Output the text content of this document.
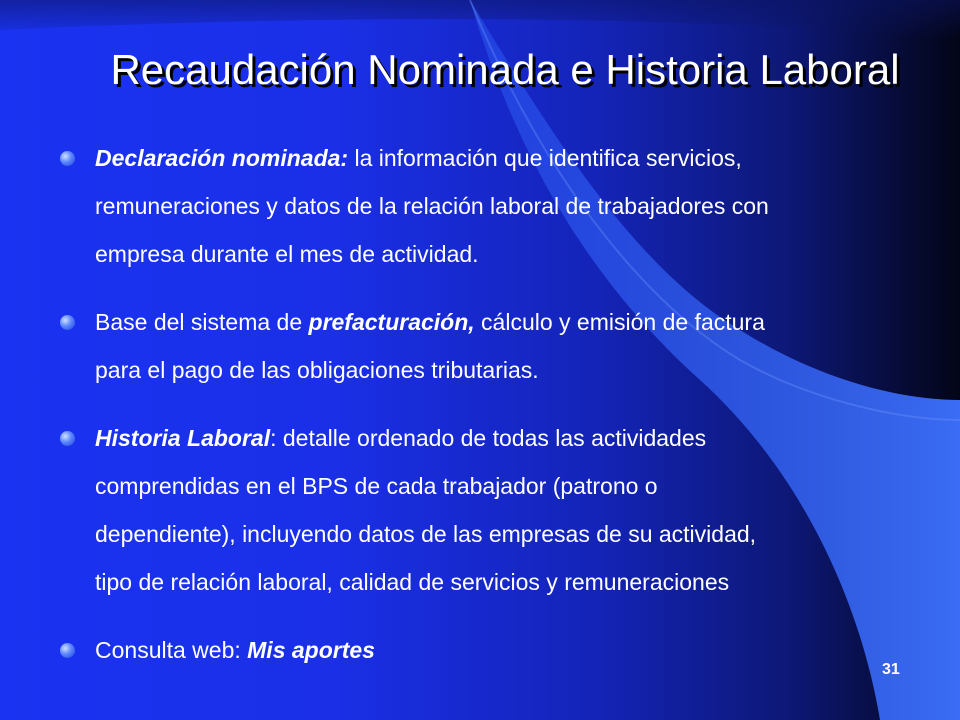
Recaudación Nominada e Historia Laboral

Declaración nominada: la información que identifica servicios,
remuneraciones y datos de la relación laboral de trabajadores con
empresa durante el mes de actividad.

Base del sistema de prefacturación, cálculo y emisión de factura
para el pago de las obligaciones tributarias.

Historia Laboral: detalle ordenado de todas las actividades
comprendidas en el BPS de cada trabajador (patrono o
dependiente), incluyendo datos de las empresas de su actividad,
tipo de relación laboral, calidad de servicios y remuneraciones

Consulta web: Mis aportes

31
